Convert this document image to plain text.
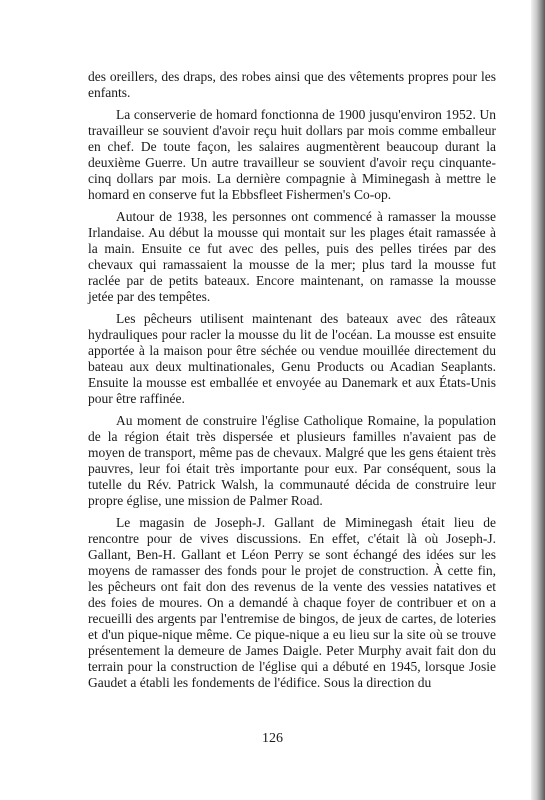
des oreillers, des draps, des robes ainsi que des vêtements propres pour les enfants.

La conserverie de homard fonctionna de 1900 jusqu'environ 1952. Un travailleur se souvient d'avoir reçu huit dollars par mois comme emballeur en chef. De toute façon, les salaires augmentèrent beaucoup durant la deuxième Guerre. Un autre travailleur se souvient d'avoir reçu cinquante-cinq dollars par mois. La dernière compagnie à Miminegash à mettre le homard en conserve fut la Ebbsfleet Fishermen's Co-op.

Autour de 1938, les personnes ont commencé à ramasser la mousse Irlandaise. Au début la mousse qui montait sur les plages était ramassée à la main. Ensuite ce fut avec des pelles, puis des pelles tirées par des chevaux qui ramassaient la mousse de la mer; plus tard la mousse fut raclée par de petits bateaux. Encore maintenant, on ramasse la mousse jetée par des tempêtes.

Les pêcheurs utilisent maintenant des bateaux avec des râteaux hydrauliques pour racler la mousse du lit de l'océan. La mousse est ensuite apportée à la maison pour être séchée ou vendue mouillée directement du bateau aux deux multinationales, Genu Products ou Acadian Seaplants. Ensuite la mousse est emballée et envoyée au Danemark et aux États-Unis pour être raffinée.

Au moment de construire l'église Catholique Romaine, la population de la région était très dispersée et plusieurs familles n'avaient pas de moyen de transport, même pas de chevaux. Malgré que les gens étaient très pauvres, leur foi était très importante pour eux. Par conséquent, sous la tutelle du Rév. Patrick Walsh, la communauté décida de construire leur propre église, une mission de Palmer Road.

Le magasin de Joseph-J. Gallant de Miminegash était lieu de rencontre pour de vives discussions. En effet, c'était là où Joseph-J. Gallant, Ben-H. Gallant et Léon Perry se sont échangé des idées sur les moyens de ramasser des fonds pour le projet de construction. À cette fin, les pêcheurs ont fait don des revenus de la vente des vessies natatives et des foies de moures. On a demandé à chaque foyer de contribuer et on a recueilli des argents par l'entremise de bingos, de jeux de cartes, de loteries et d'un pique-nique même. Ce pique-nique a eu lieu sur la site où se trouve présentement la demeure de James Daigle. Peter Murphy avait fait don du terrain pour la construction de l'église qui a débuté en 1945, lorsque Josie Gaudet a établi les fondements de l'édifice. Sous la direction du

126
